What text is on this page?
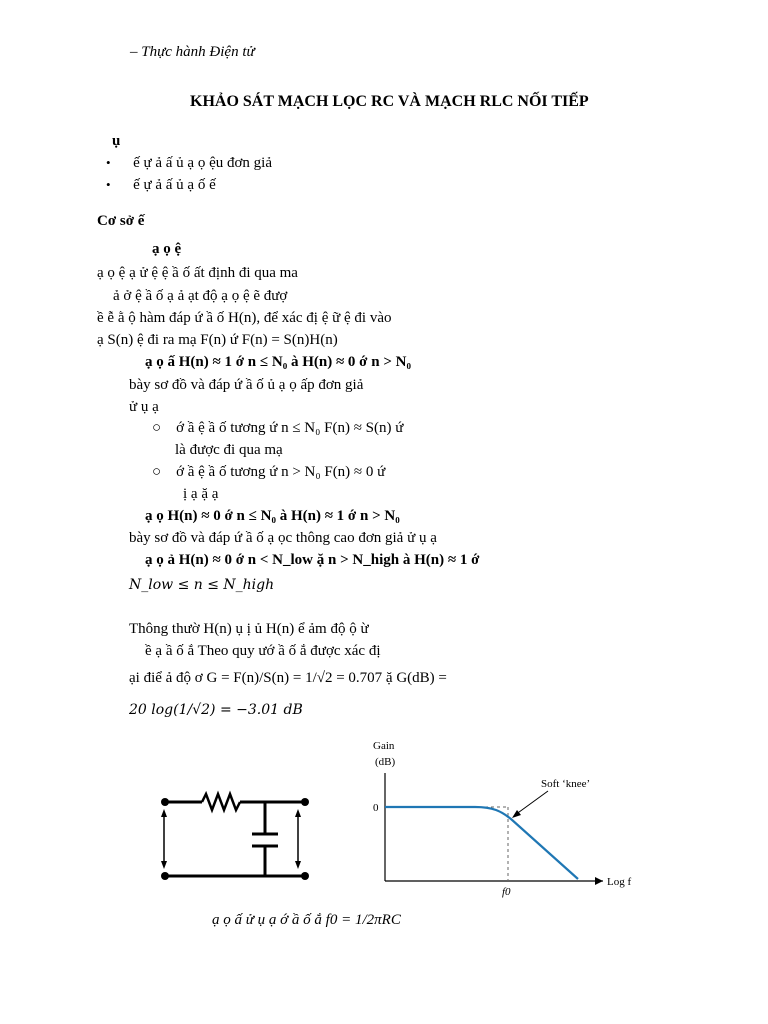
– Thực hành Điện tử
KHẢO SÁT MẠCH LỌC RC VÀ MẠCH RLC NỐI TIẾP
ụ
• ế ự ả ấ ủ ạ ọ ệu đơn giả
• ế ự ả ấ ủ ạ ố ế
Cơ sở ế
ạ ọ ệ
ạ ọ ệ ạ ử ệ ệ ầ ố ất định đi qua ma
ả ở ệ ầ ố ạ ả ạt độ ạ ọ ệ ẽ đượ
ề ễ ằ ộ hàm đáp ứ ầ ố H(n), để xác đị ệ ữ ệ đi vào
ạ S(n) ệ đi ra mạ F(n) ứ F(n) = S(n)H(n)
ạ ọ ấ H(n) ≈ 1 ớ n ≤ N₀ à H(n) ≈ 0 ớ n > N₀
bày sơ đồ và đáp ứ ầ ố ủ ạ ọ ấp đơn giả
ử ụ ạ
○    ớ ầ ệ ầ ố tương ứ n ≤ N₀ F(n) ≈ S(n) ứ
là được đi qua mạ
○    ớ ầ ệ ầ ố tương ứ n > N₀ F(n) ≈ 0 ứ
ị ạ ặ ạ
ạ ọ H(n) ≈ 0 ớ n ≤ N₀ à H(n) ≈ 1 ớ n > N₀
bày sơ đồ và đáp ứ ầ ố ạ ọc thông cao đơn giả ử ụ ạ
ạ ọ ả H(n) ≈ 0 ớ n < N_low ặ n > N_high à H(n) ≈ 1 ớ
N_low ≤ n ≤ N_high
Thông thườ H(n) ụ ị ủ H(n) ể ảm độ ộ ừ
ề ạ ầ ố ắ Theo quy ướ ầ ố ắ được xác đị
ại điể ả độ ơ G = F(n)/S(n) = 1/√2 = 0.707 ặ G(dB) =
20 log(1/√2) = −3.01 dB
Gain
(dB)
0
Log f
Soft ‘knee’
f0
ạ ọ ấ ử ụ ạ ớ ầ ố ắ f0 = 1/2πRC
